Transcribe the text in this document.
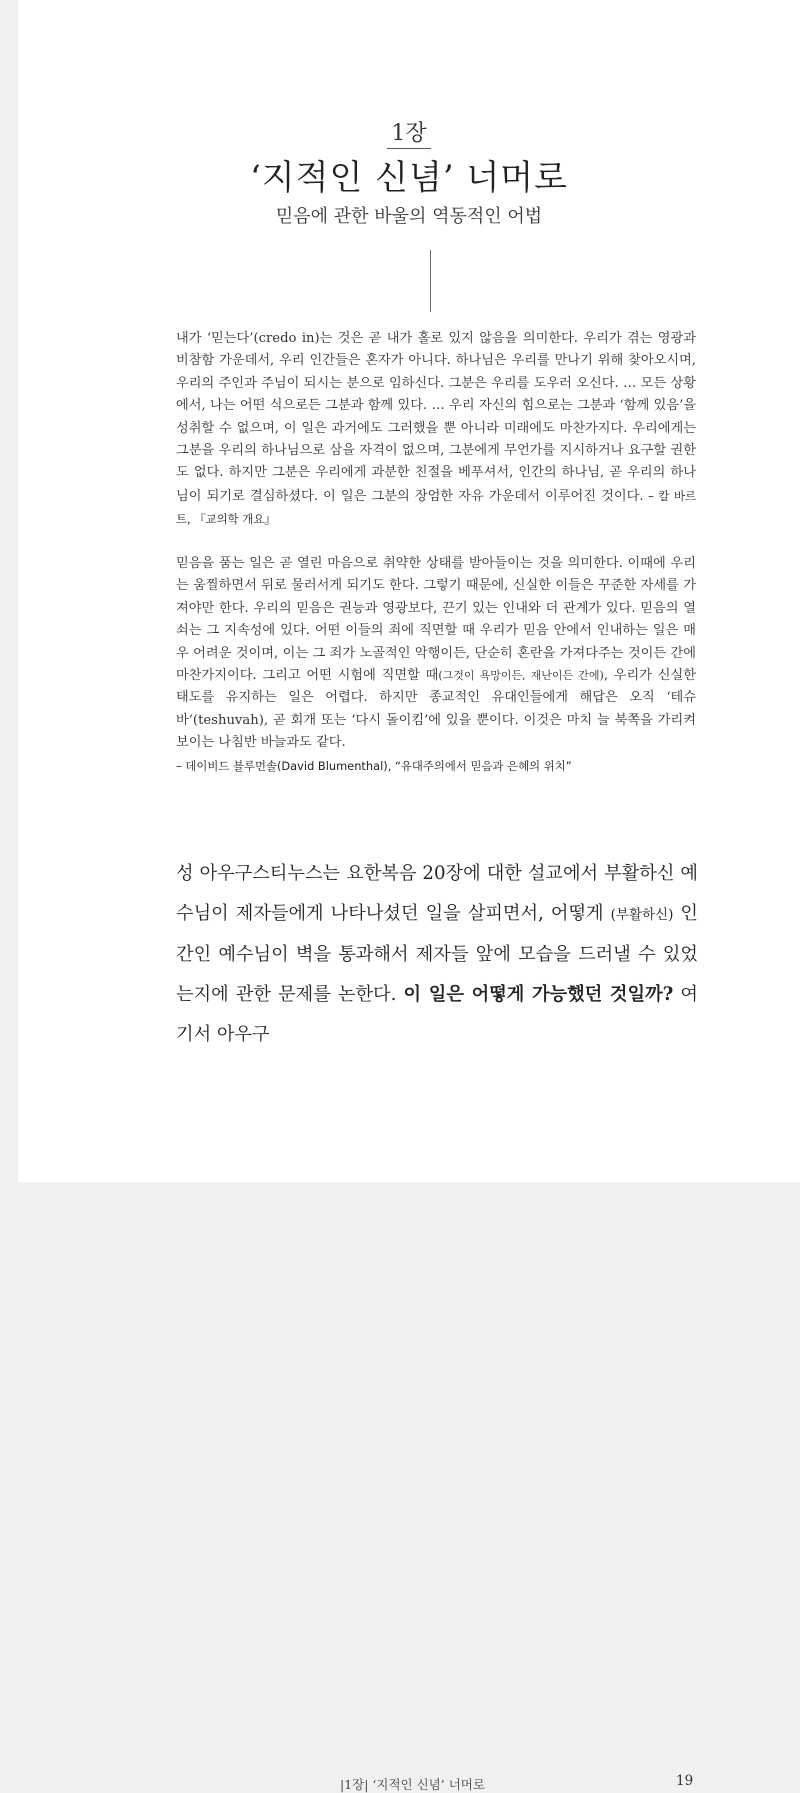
1장
‘지적인 신념’ 너머로
믿음에 관한 바울의 역동적인 어법

내가 ‘믿는다’(credo in)는 것은 곧 내가 홀로 있지 않음을 의미한다. 우리가 겪는 영광과 비참함 가운데서, 우리 인간들은 혼자가 아니다. 하나님은 우리를 만나기 위해 찾아오시며, 우리의 주인과 주님이 되시는 분으로 임하신다. 그분은 우리를 도우러 오신다. … 모든 상황에서, 나는 어떤 식으로든 그분과 함께 있다. … 우리 자신의 힘으로는 그분과 ‘함께 있음’을 성취할 수 없으며, 이 일은 과거에도 그러했을 뿐 아니라 미래에도 마찬가지다. 우리에게는 그분을 우리의 하나님으로 삼을 자격이 없으며, 그분에게 무언가를 지시하거나 요구할 권한도 없다. 하지만 그분은 우리에게 과분한 친절을 베푸셔서, 인간의 하나님, 곧 우리의 하나님이 되기로 결심하셨다. 이 일은 그분의 장엄한 자유 가운데서 이루어진 것이다. – 칼 바르트, 『교의학 개요』

믿음을 품는 일은 곧 열린 마음으로 취약한 상태를 받아들이는 것을 의미한다. 이때에 우리는 움찔하면서 뒤로 물러서게 되기도 한다. 그렇기 때문에, 신실한 이들은 꾸준한 자세를 가져야만 한다. 우리의 믿음은 권능과 영광보다, 끈기 있는 인내와 더 관계가 있다. 믿음의 열쇠는 그 지속성에 있다. 어떤 이들의 죄에 직면할 때 우리가 믿음 안에서 인내하는 일은 매우 어려운 것이며, 이는 그 죄가 노골적인 악행이든, 단순히 혼란을 가져다주는 것이든 간에 마찬가지이다. 그리고 어떤 시험에 직면할 때(그것이 욕망이든, 재난이든 간에), 우리가 신실한 태도를 유지하는 일은 어렵다. 하지만 종교적인 유대인들에게 해답은 오직 ‘테슈바’(teshuvah), 곧 회개 또는 ‘다시 돌이킴’에 있을 뿐이다. 이것은 마치 늘 북쪽을 가리켜 보이는 나침반 바늘과도 같다.

– 데이비드 블루먼솔(David Blumenthal), “유대주의에서 믿음과 은혜의 위치”

성 아우구스티누스는 요한복음 20장에 대한 설교에서 부활하신 예수님이 제자들에게 나타나셨던 일을 살피면서, 어떻게 (부활하신) 인간인 예수님이 벽을 통과해서 제자들 앞에 모습을 드러낼 수 있었는지에 관한 문제를 논한다. 이 일은 어떻게 가능했던 것일까? 여기서 아우구

|1장| ‘지적인 신념’ 너머로	19
